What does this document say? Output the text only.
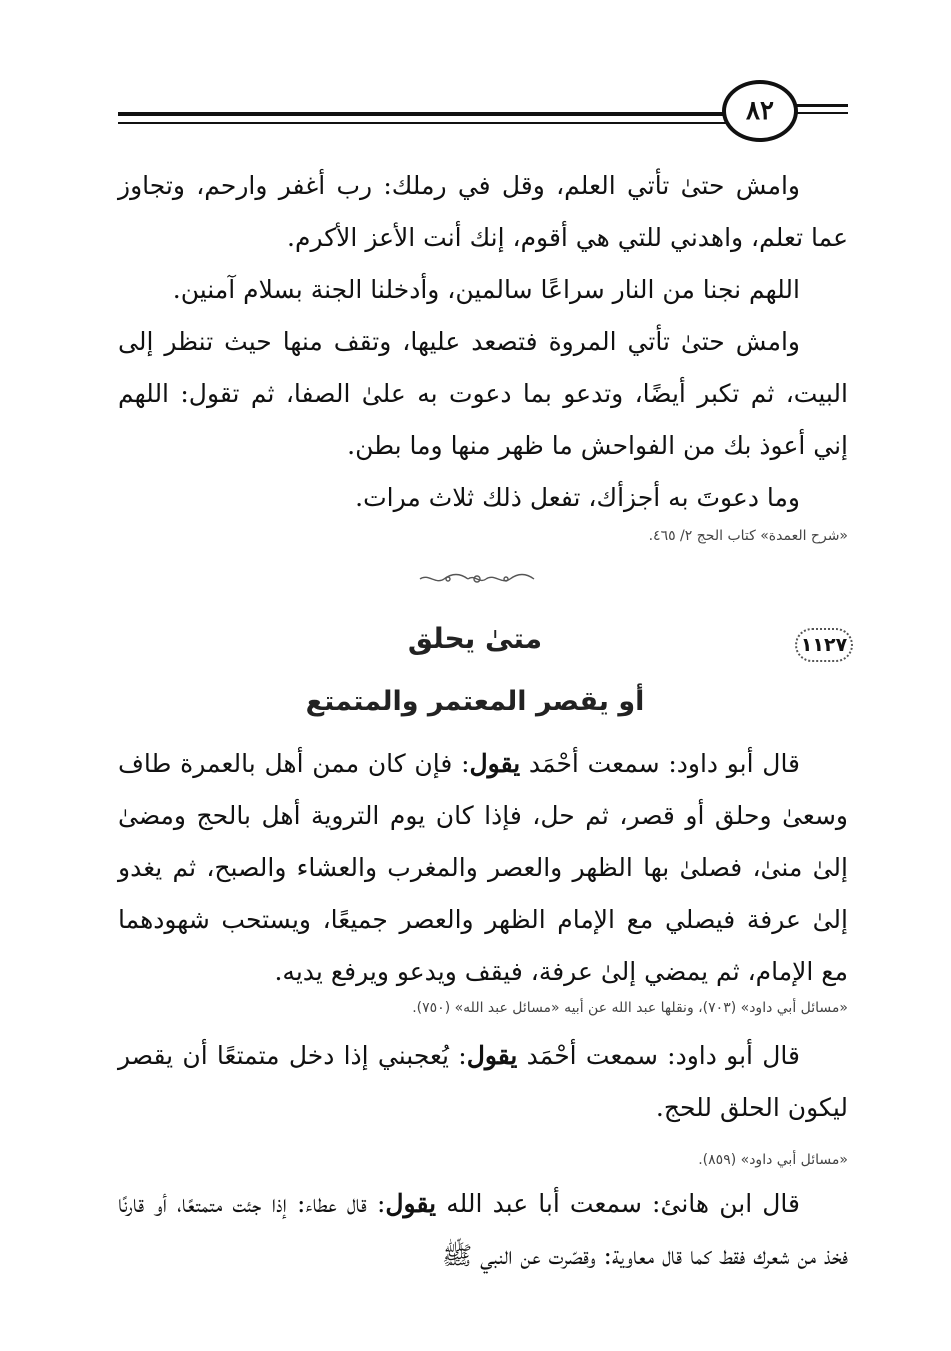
٨٢

وامش حتىٰ تأتي العلم، وقل في رملك: رب أغفر وارحم، وتجاوز عما تعلم، واهدني للتي هي أقوم، إنك أنت الأعز الأكرم.

اللهم نجنا من النار سراعًا سالمين، وأدخلنا الجنة بسلام آمنين.

وامش حتىٰ تأتي المروة فتصعد عليها، وتقف منها حيث تنظر إلى البيت، ثم تكبر أيضًا، وتدعو بما دعوت به علىٰ الصفا، ثم تقول: اللهم إني أعوذ بك من الفواحش ما ظهر منها وما بطن.

وما دعوتَ به أجزأك، تفعل ذلك ثلاث مرات.

«شرح العمدة» كتاب الحج ٢/ ٤٦٥.
١١٢٧
متىٰ يحلق
أو يقصر المعتمر والمتمتع

قال أبو داود: سمعت أحْمَد يقول: فإن كان ممن أهل بالعمرة طاف وسعىٰ وحلق أو قصر، ثم حل، فإذا كان يوم التروية أهل بالحج ومضىٰ إلىٰ منىٰ، فصلىٰ بها الظهر والعصر والمغرب والعشاء والصبح، ثم يغدو إلىٰ عرفة فيصلي مع الإمام الظهر والعصر جميعًا، ويستحب شهودهما مع الإمام، ثم يمضي إلىٰ عرفة، فيقف ويدعو ويرفع يديه.

«مسائل أبي داود» (٧٠٣)، ونقلها عبد الله عن أبيه «مسائل عبد الله» (٧٥٠).

قال أبو داود: سمعت أحْمَد يقول: يُعجبني إذا دخل متمتعًا أن يقصر ليكون الحلق للحج.

«مسائل أبي داود» (٨٥٩).

قال ابن هانئ: سمعت أبا عبد الله يقول: قال عطاء: إذا جئت متمتعًا، أو قارنًا فخذ من شعرك فقط كما قال معاوية: وقصّرت عن النبي ﷺ
